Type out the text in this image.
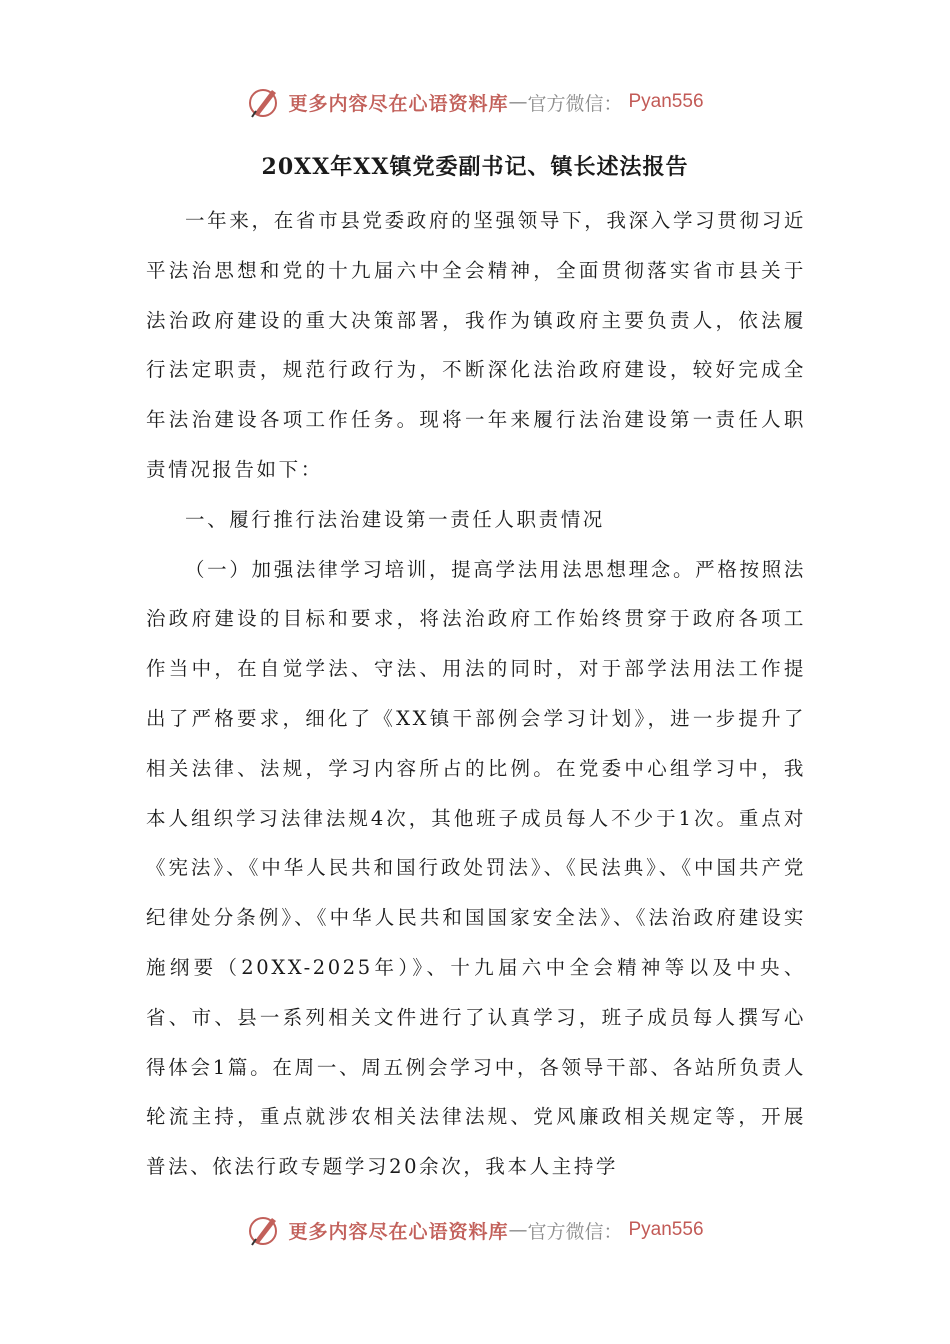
更多内容尽在心语资料库 — 官方微信： Pyan556
20XX年XX镇党委副书记、镇长述法报告

一年来，在省市县党委政府的坚强领导下，我深入学习贯彻习近平法治思想和党的十九届六中全会精神，全面贯彻落实省市县关于法治政府建设的重大决策部署，我作为镇政府主要负责人，依法履行法定职责，规范行政行为，不断深化法治政府建设，较好完成全年法治建设各项工作任务。现将一年来履行法治建设第一责任人职责情况报告如下：

一、履行推行法治建设第一责任人职责情况

（一）加强法律学习培训，提高学法用法思想理念。严格按照法治政府建设的目标和要求，将法治政府工作始终贯穿于政府各项工作当中，在自觉学法、守法、用法的同时，对于部学法用法工作提出了严格要求，细化了《XX镇干部例会学习计划》，进一步提升了相关法律、法规，学习内容所占的比例。在党委中心组学习中，我本人组织学习法律法规4次，其他班子成员每人不少于1次。重点对《宪法》、《中华人民共和国行政处罚法》、《民法典》、《中国共产党纪律处分条例》、《中华人民共和国国家安全法》、《法治政府建设实施纲要（20XX-2025年）》、十九届六中全会精神等以及中央、省、市、县一系列相关文件进行了认真学习，班子成员每人撰写心得体会1篇。在周一、周五例会学习中，各领导干部、各站所负责人轮流主持，重点就涉农相关法律法规、党风廉政相关规定等，开展普法、依法行政专题学习20余次，我本人主持学

更多内容尽在心语资料库 — 官方微信： Pyan556
